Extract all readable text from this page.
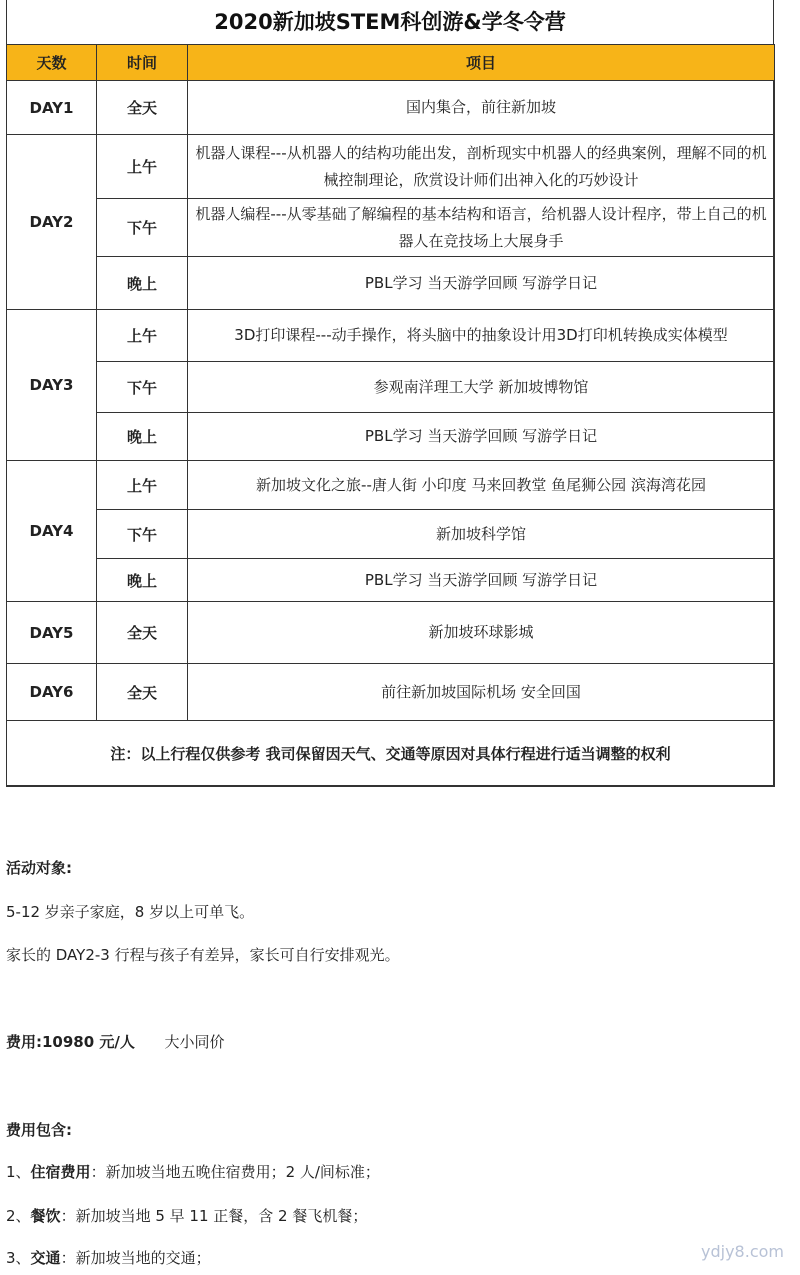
2020新加坡STEM科创游&学冬令营
天数	时间	项目
DAY1	全天	国内集合，前往新加坡
DAY2	上午	机器人课程---从机器人的结构功能出发，剖析现实中机器人的经典案例，理解不同的机械控制理论，欣赏设计师们出神入化的巧妙设计
	下午	机器人编程---从零基础了解编程的基本结构和语言，给机器人设计程序，带上自己的机器人在竞技场上大展身手
	晚上	PBL学习 当天游学回顾 写游学日记
DAY3	上午	3D打印课程---动手操作，将头脑中的抽象设计用3D打印机转换成实体模型
	下午	参观南洋理工大学 新加坡博物馆
	晚上	PBL学习 当天游学回顾 写游学日记
DAY4	上午	新加坡文化之旅--唐人街 小印度 马来回教堂 鱼尾狮公园 滨海湾花园
	下午	新加坡科学馆
	晚上	PBL学习 当天游学回顾 写游学日记
DAY5	全天	新加坡环球影城
DAY6	全天	前往新加坡国际机场 安全回国
注：以上行程仅供参考 我司保留因天气、交通等原因对具体行程进行适当调整的权利		
活动对象:
5-12 岁亲子家庭，8 岁以上可单飞。
家长的 DAY2-3 行程与孩子有差异，家长可自行安排观光。
费用:10980 元/人 大小同价
费用包含:
1、住宿费用：新加坡当地五晚住宿费用；2 人/间标准；
2、餐饮：新加坡当地 5 早 11 正餐，含 2 餐飞机餐；
3、交通：新加坡当地的交通；	ydjy8.com
